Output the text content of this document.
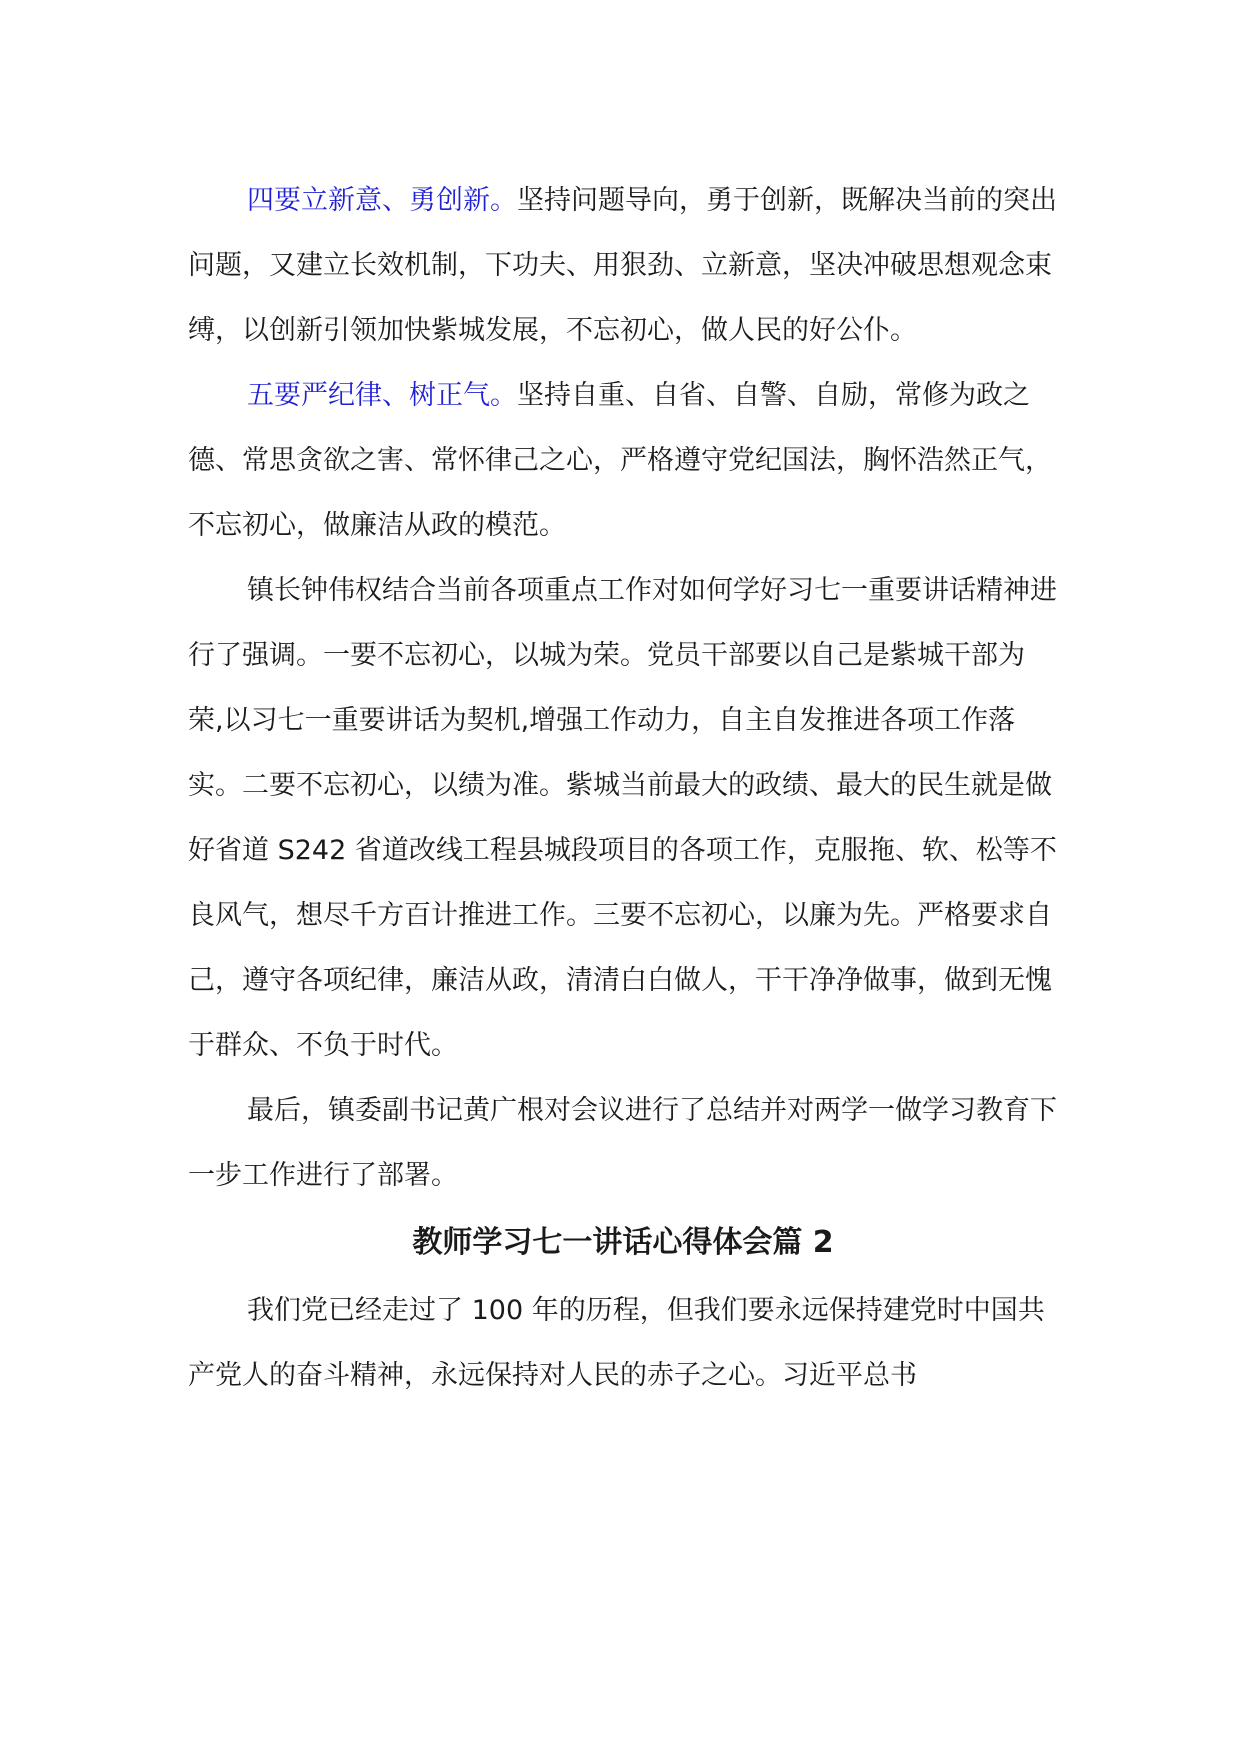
四要立新意、勇创新。坚持问题导向，勇于创新，既解决当前的突出问题，又建立长效机制，下功夫、用狠劲、立新意，坚决冲破思想观念束缚，以创新引领加快紫城发展，不忘初心，做人民的好公仆。

五要严纪律、树正气。坚持自重、自省、自警、自励，常修为政之德、常思贪欲之害、常怀律己之心，严格遵守党纪国法，胸怀浩然正气，不忘初心，做廉洁从政的模范。

镇长钟伟权结合当前各项重点工作对如何学好习七一重要讲话精神进行了强调。一要不忘初心，以城为荣。党员干部要以自己是紫城干部为荣,以习七一重要讲话为契机,增强工作动力，自主自发推进各项工作落实。二要不忘初心，以绩为准。紫城当前最大的政绩、最大的民生就是做好省道 S242 省道改线工程县城段项目的各项工作，克服拖、软、松等不良风气，想尽千方百计推进工作。三要不忘初心，以廉为先。严格要求自己，遵守各项纪律，廉洁从政，清清白白做人，干干净净做事，做到无愧于群众、不负于时代。

最后，镇委副书记黄广根对会议进行了总结并对两学一做学习教育下一步工作进行了部署。

教师学习七一讲话心得体会篇 2

我们党已经走过了 100 年的历程，但我们要永远保持建党时中国共产党人的奋斗精神，永远保持对人民的赤子之心。习近平总书
